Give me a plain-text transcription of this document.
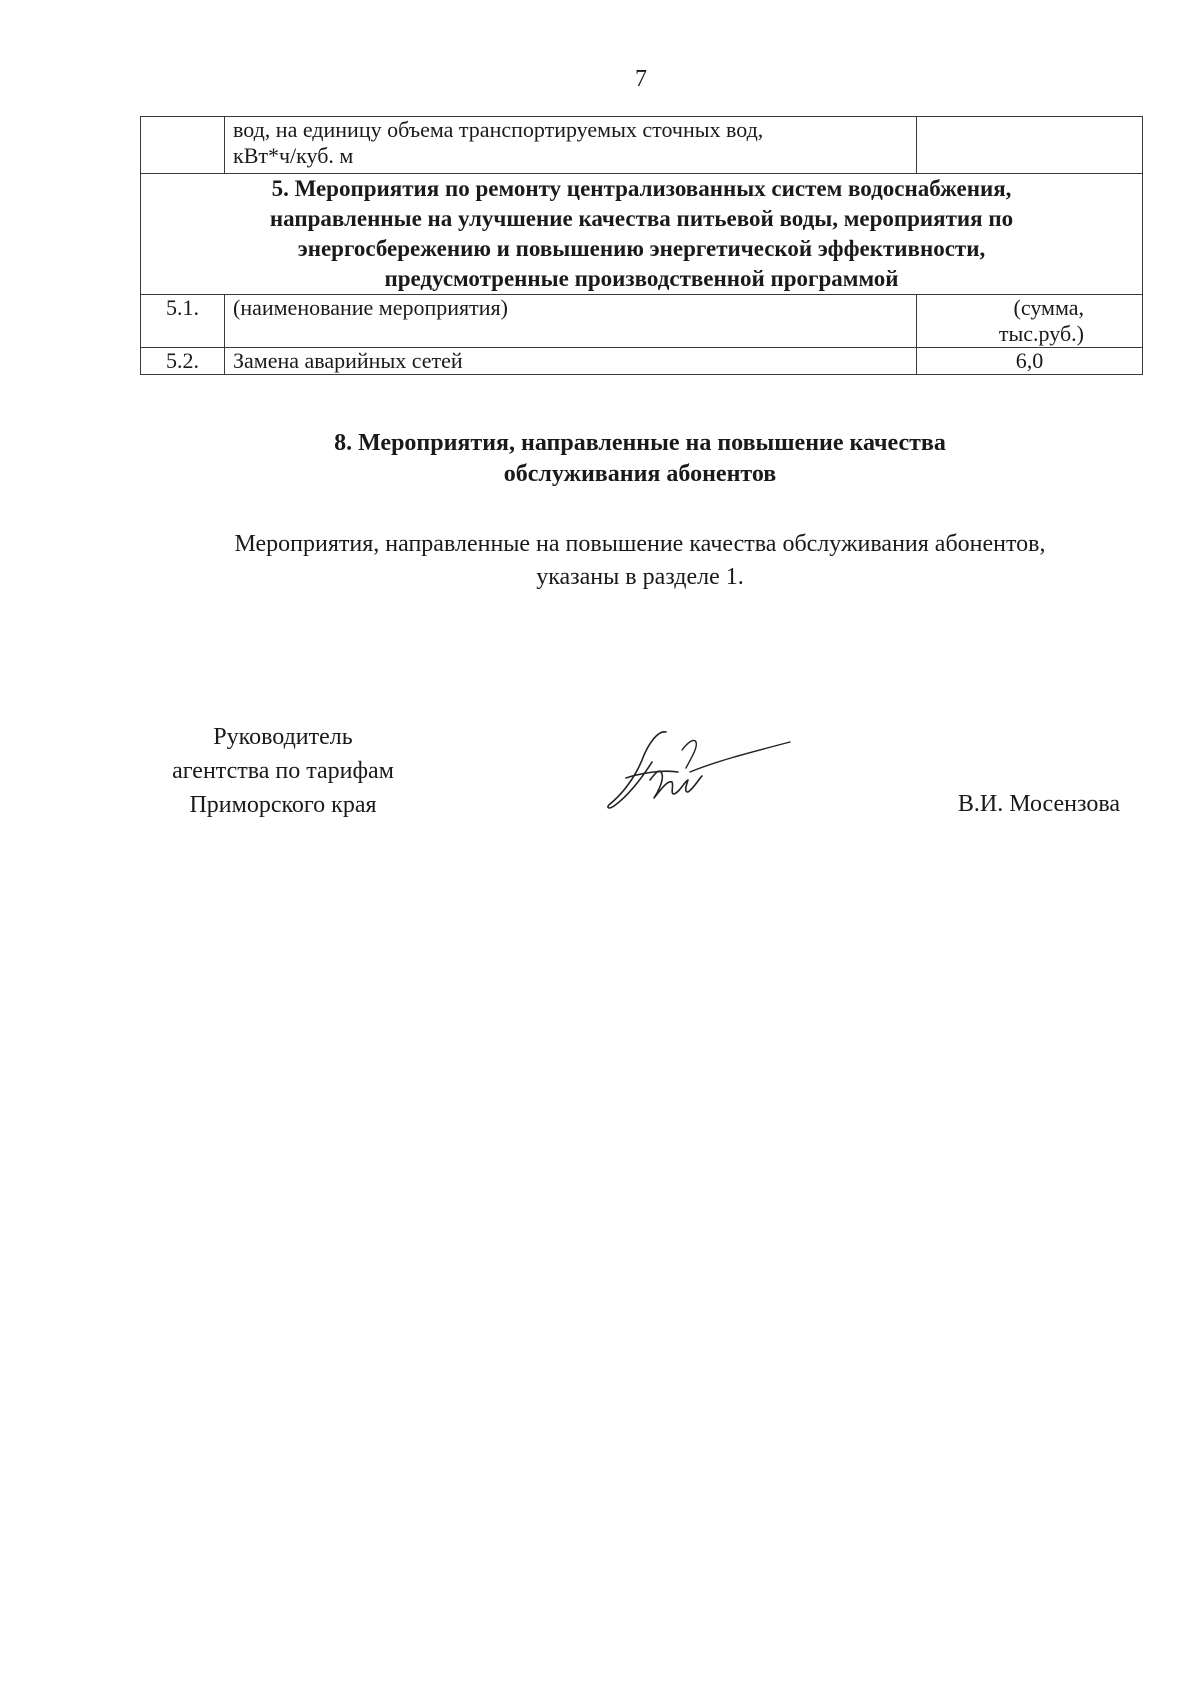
7

	вод, на единицу объема транспортируемых сточных вод,
кВт*ч/куб. м	

5. Мероприятия по ремонту централизованных систем водоснабжения,
направленные на улучшение качества питьевой воды, мероприятия по
энергосбережению и повышению энергетической эффективности,
предусмотренные производственной программой		

5.1.	(наименование мероприятия)	(сумма,
тыс.руб.)

5.2.	Замена аварийных сетей	6,0
8. Мероприятия, направленные на повышение качества
обслуживания абонентов
Мероприятия, направленные на повышение качества обслуживания абонентов,
указаны в разделе 1.
Руководитель
агентства по тарифам
Приморского края	В.И. Мосензова
